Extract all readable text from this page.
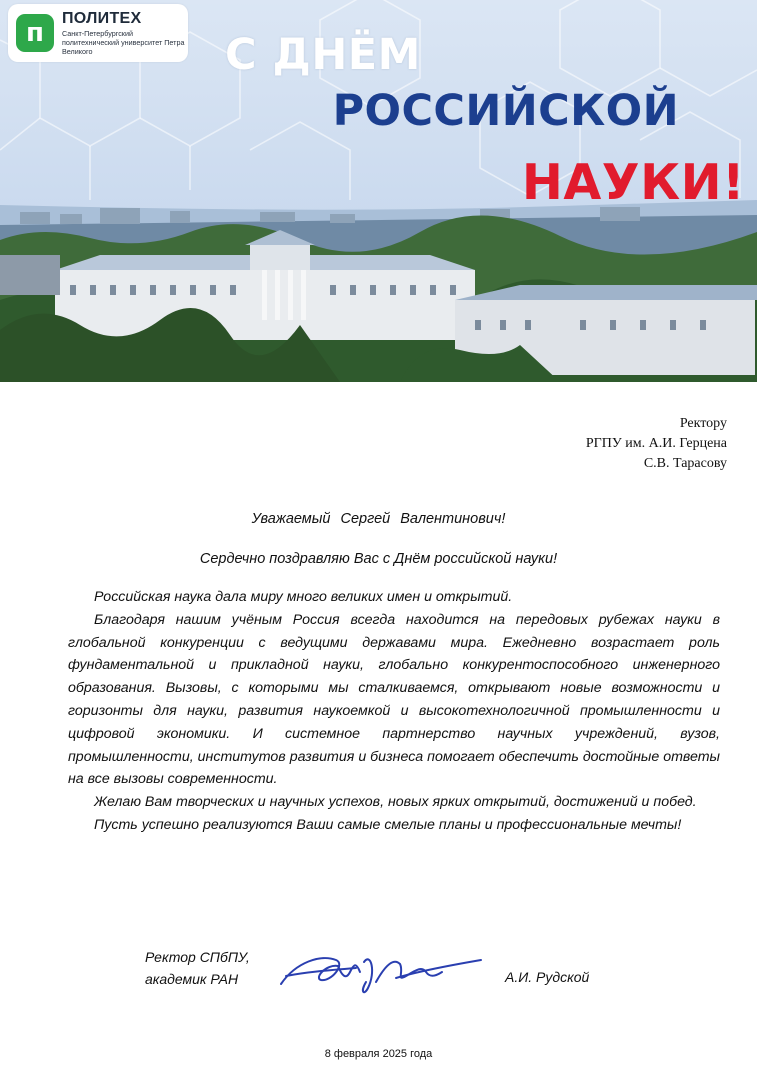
ᴨ	ПОЛИТЕХ
Санкт-Петербургский политехнический университет Петра Великого	С ДНЁМ
РОССИЙСКОЙ
НАУКИ!
Ректору
РГПУ им. А.И. Герцена
С.В. Тарасову
Уважаемый Сергей Валентинович!
Сердечно поздравляю Вас с Днём российской науки!

Российская наука дала миру много великих имен и открытий.

Благодаря нашим учёным Россия всегда находится на передовых рубежах науки в глобальной конкуренции с ведущими державами мира. Ежедневно возрастает роль фундаментальной и прикладной науки, глобально конкурентоспособного инженерного образования. Вызовы, с которыми мы сталкиваемся, открывают новые возможности и горизонты для науки, развития наукоемкой и высокотехнологичной промышленности и цифровой экономики. И системное партнерство научных учреждений, вузов, промышленности, институтов развития и бизнеса помогает обеспечить достойные ответы на все вызовы современности.

Желаю Вам творческих и научных успехов, новых ярких открытий, достижений и побед.

Пусть успешно реализуются Ваши самые смелые планы и профессиональные мечты!

Ректор СПбПУ,
академик РАН	А.И. Рудской
8 февраля 2025 года
